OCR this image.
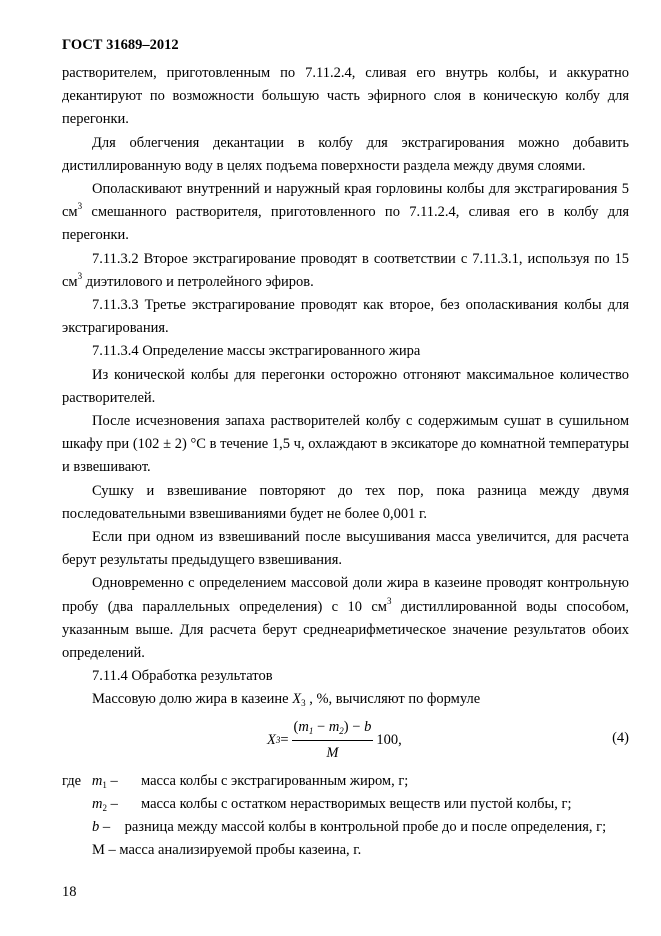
ГОСТ 31689–2012

растворителем, приготовленным по 7.11.2.4, сливая его внутрь колбы, и аккуратно декантируют по возможности большую часть эфирного слоя в коническую колбу для перегонки.

Для облегчения декантации в колбу для экстрагирования можно добавить дистиллированную воду в целях подъема поверхности раздела между двумя слоями.

Ополаскивают внутренний и наружный края горловины колбы для экстрагирования 5 $см^3$ смешанного растворителя, приготовленного по 7.11.2.4, сливая его в колбу для перегонки.

7.11.3.2 Второе экстрагирование проводят в соответствии с 7.11.3.1, используя по 15 $см^3$ диэтилового и петролейного эфиров.

7.11.3.3 Третье экстрагирование проводят как второе, без ополаскивания колбы для экстрагирования.

7.11.3.4 Определение массы экстрагированного жира

Из конической колбы для перегонки осторожно отгоняют максимальное количество растворителей.

После исчезновения запаха растворителей колбу с содержимым сушат в сушильном шкафу при (102 ± 2) °С в течение 1,5 ч, охлаждают в эксикаторе до комнатной температуры и взвешивают.

Сушку и взвешивание повторяют до тех пор, пока разница между двумя последовательными взвешиваниями будет не более 0,001 г.

Если при одном из взвешиваний после высушивания масса увеличится, для расчета берут результаты предыдущего взвешивания.

Одновременно с определением массовой доли жира в казеине проводят контрольную пробу (два параллельных определения) с 10 $см^3$ дистиллированной воды способом, указанным выше. Для расчета берут среднеарифметическое значение результатов обоих определений.

7.11.4 Обработка результатов

Массовую долю жира в казеине $X_3$ , %, вычисляют по формуле

X $3 = \frac{(m_1 - m_2) - b}{M} 100$,	(4)
где $m_1$ –	масса колбы с экстрагированным жиром, г;
$m_2$ –	масса колбы с остатком нерастворимых веществ или пустой колбы, г;

b – разница между массой колбы в контрольной пробе до и после определения, г;

М – масса анализируемой пробы казеина, г.

18
